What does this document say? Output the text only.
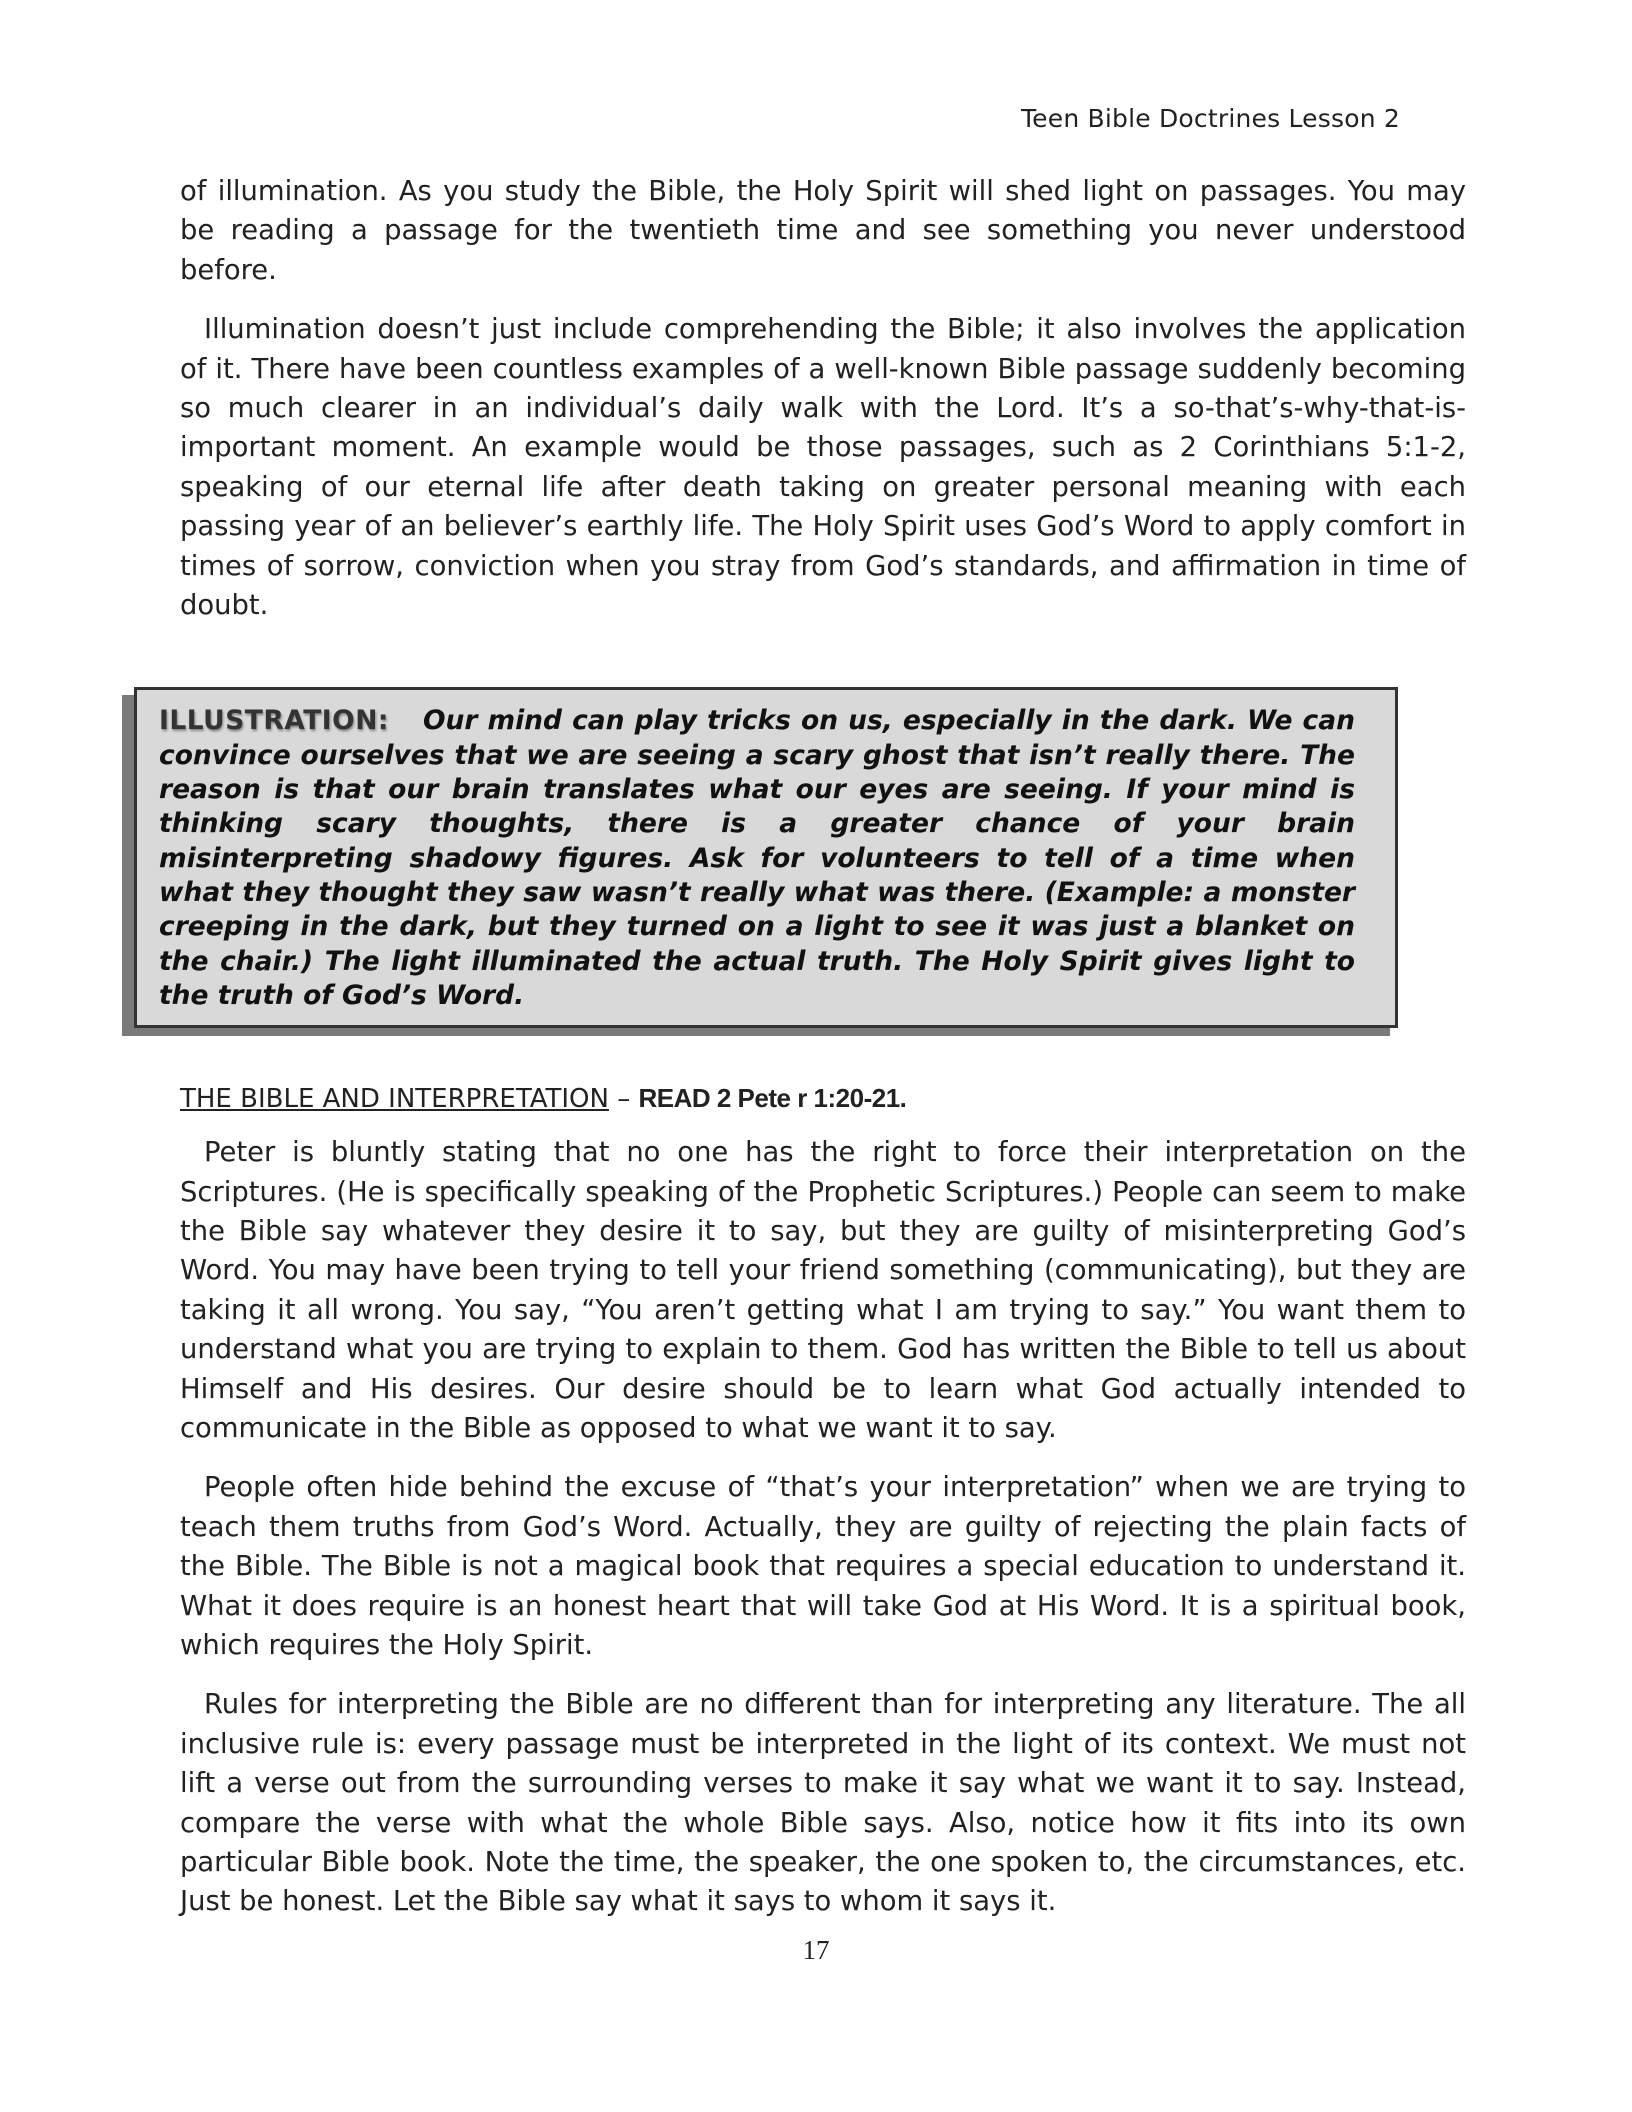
Teen Bible Doctrines Lesson 2

of illumination. As you study the Bible, the Holy Spirit will shed light on passages. You may be reading a passage for the twentieth time and see something you never understood before.

Illumination doesn’t just include comprehending the Bible; it also involves the application of it. There have been countless examples of a well-known Bible passage suddenly becoming so much clearer in an individual’s daily walk with the Lord. It’s a so-that’s-why-that-is-important moment. An example would be those passages, such as 2 Corinthians 5:1-2, speaking of our eternal life after death taking on greater personal meaning with each passing year of an believer’s earthly life. The Holy Spirit uses God’s Word to apply comfort in times of sorrow, conviction when you stray from God’s standards, and affirmation in time of doubt.

ILLUSTRATION: Our mind can play tricks on us, especially in the dark. We can convince ourselves that we are seeing a scary ghost that isn’t really there. The reason is that our brain translates what our eyes are seeing. If your mind is thinking scary thoughts, there is a greater chance of your brain misinterpreting shadowy figures. Ask for volunteers to tell of a time when what they thought they saw wasn’t really what was there. (Example: a monster creeping in the dark, but they turned on a light to see it was just a blanket on the chair.) The light illuminated the actual truth. The Holy Spirit gives light to the truth of God’s Word.

THE BIBLE AND INTERPRETATION – READ 2 Pete r 1:20-21.

Peter is bluntly stating that no one has the right to force their interpretation on the Scriptures. (He is specifically speaking of the Prophetic Scriptures.) People can seem to make the Bible say whatever they desire it to say, but they are guilty of misinterpreting God’s Word. You may have been trying to tell your friend something (communicating), but they are taking it all wrong. You say, “You aren’t getting what I am trying to say.” You want them to understand what you are trying to explain to them. God has written the Bible to tell us about Himself and His desires. Our desire should be to learn what God actually intended to communicate in the Bible as opposed to what we want it to say.

People often hide behind the excuse of “that’s your interpretation” when we are trying to teach them truths from God’s Word. Actually, they are guilty of rejecting the plain facts of the Bible. The Bible is not a magical book that requires a special education to understand it. What it does require is an honest heart that will take God at His Word. It is a spiritual book, which requires the Holy Spirit.

Rules for interpreting the Bible are no different than for interpreting any literature. The all inclusive rule is: every passage must be interpreted in the light of its context. We must not lift a verse out from the surrounding verses to make it say what we want it to say. Instead, compare the verse with what the whole Bible says. Also, notice how it fits into its own particular Bible book. Note the time, the speaker, the one spoken to, the circumstances, etc. Just be honest. Let the Bible say what it says to whom it says it.

17
